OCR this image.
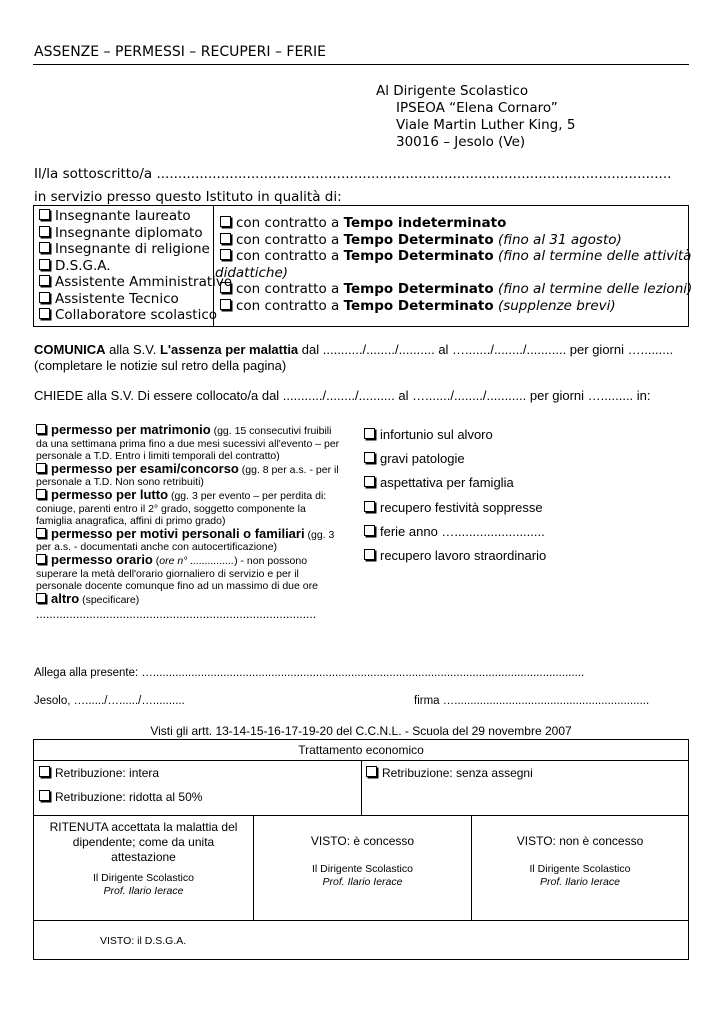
ASSENZE – PERMESSI – RECUPERI – FERIE
Al Dirigente Scolastico
IPSEOA “Elena Cornaro”
Viale Martin Luther King, 5
30016 – Jesolo (Ve)
Il/la sottoscritto/a ........................................................................................................................
in servizio presso questo Istituto in qualità di:
Insegnante laureato
Insegnante diplomato
Insegnante di religione
D.S.G.A.
Assistente Amministrativo
Assistente Tecnico
Collaboratore scolastico
con contratto a Tempo indeterminato
con contratto a Tempo Determinato (fino al 31 agosto)
con contratto a Tempo Determinato (fino al termine delle attività
didattiche)
con contratto a Tempo Determinato (fino al termine delle lezioni)
con contratto a Tempo Determinato (supplenze brevi)
COMUNICA alla S.V. L'assenza per malattia dal .........../......../.......... al …......./......../........... per giorni ….........
(completare le notizie sul retro della pagina)
CHIEDE alla S.V. Di essere collocato/a dal .........../......../.......... al …......./......../........... per giorni …......... in:
permesso per matrimonio (gg. 15 consecutivi fruibili
da una settimana prima fino a due mesi sucessivi all'evento – per
personale a T.D. Entro i limiti temporali del contratto)
permesso per esami/concorso (gg. 8 per a.s. - per il
personale a T.D. Non sono retribuiti)
permesso per lutto (gg. 3 per evento – per perdita di:
coniuge, parenti entro il 2° grado, soggetto componente la
famiglia anagrafica, affini di primo grado)
permesso per motivi personali o familiari (gg. 3
per a.s. - documentati anche con autocertificazione)
permesso orario (ore n° ...............) - non possono
superare la metà dell'orario giornaliero di servizio e per il
personale docente comunque fino ad un massimo di due ore
altro (specificare)
....................................................................................
infortunio sul alvoro
gravi patologie
aspettativa per famiglia
recupero festività soppresse
ferie anno ….........................
recupero lavoro straordinario
Allega alla presente: ….......................................................................................................................................
Jesolo, …....../…....../…..........	firma ….............................................................
Visti gli artt. 13-14-15-16-17-19-20 del C.C.N.L. - Scuola del 29 novembre 2007
Trattamento economico
Retribuzione: intera
Retribuzione: ridotta al 50%
Retribuzione: senza assegni
RITENUTA accettata la malattia del
dipendente; come da unita
attestazione
Il Dirigente Scolastico
Prof. Ilario Ierace
VISTO: è concesso
Il Dirigente Scolastico
Prof. Ilario Ierace
VISTO: non è concesso
Il Dirigente Scolastico
Prof. Ilario Ierace
VISTO: il D.S.G.A.
